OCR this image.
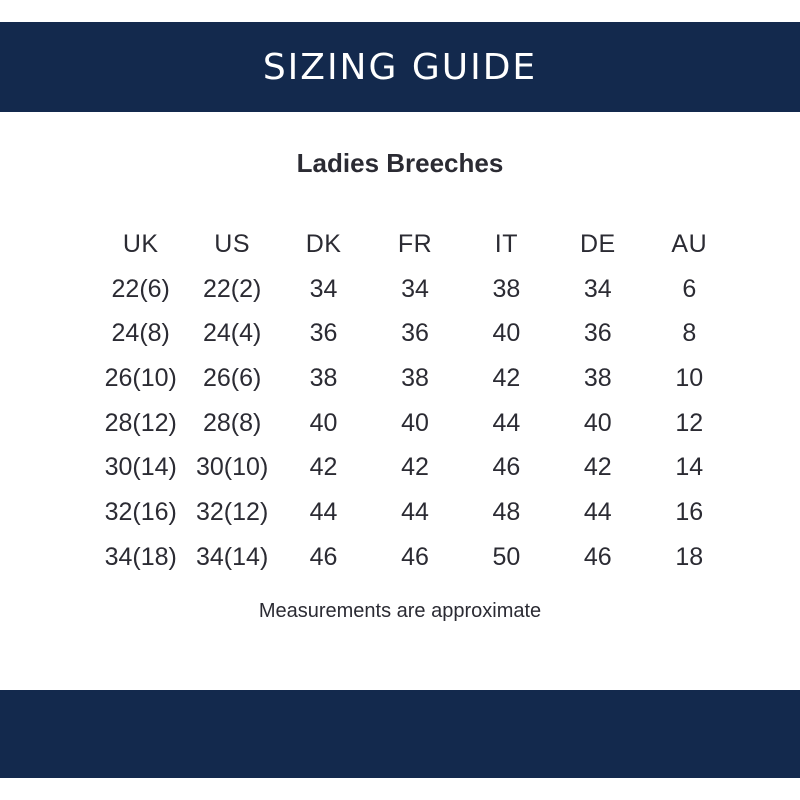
SIZING GUIDE
Ladies Breeches
UK	US	DK	FR	IT	DE	AU
22(6)	22(2)	34	34	38	34	6
24(8)	24(4)	36	36	40	36	8
26(10)	26(6)	38	38	42	38	10
28(12)	28(8)	40	40	44	40	12
30(14)	30(10)	42	42	46	42	14
32(16)	32(12)	44	44	48	44	16
34(18)	34(14)	46	46	50	46	18
Measurements are approximate
